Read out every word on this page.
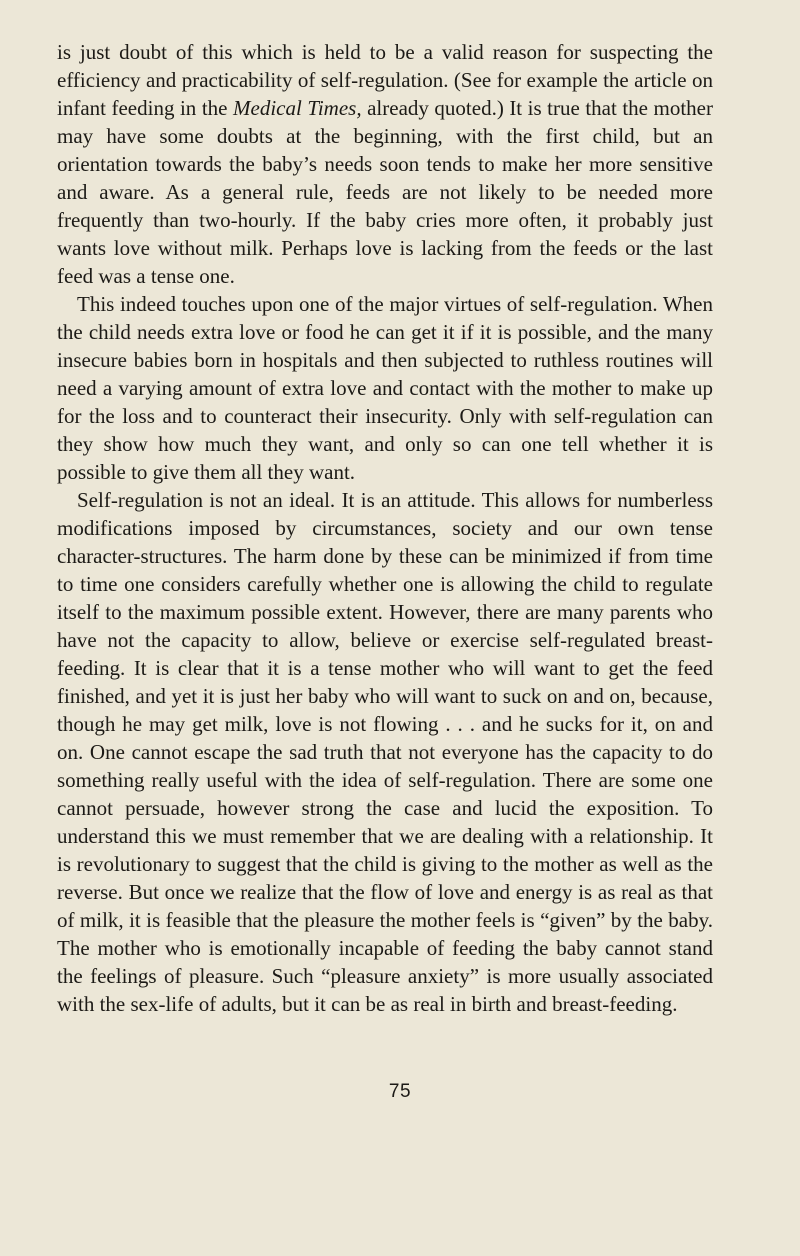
is just doubt of this which is held to be a valid reason for suspecting the efficiency and practicability of self-regulation. (See for example the article on infant feeding in the Medical Times, already quoted.) It is true that the mother may have some doubts at the beginning, with the first child, but an orientation towards the baby’s needs soon tends to make her more sensitive and aware. As a general rule, feeds are not likely to be needed more frequently than two-hourly. If the baby cries more often, it probably just wants love without milk. Perhaps love is lacking from the feeds or the last feed was a tense one.

This indeed touches upon one of the major virtues of self-regulation. When the child needs extra love or food he can get it if it is possible, and the many insecure babies born in hospitals and then subjected to ruthless routines will need a varying amount of extra love and contact with the mother to make up for the loss and to counteract their insecurity. Only with self-regulation can they show how much they want, and only so can one tell whether it is possible to give them all they want.

Self-regulation is not an ideal. It is an attitude. This allows for numberless modifications imposed by circumstances, society and our own tense character-structures. The harm done by these can be minimized if from time to time one considers carefully whether one is allowing the child to regulate itself to the maximum possible extent. However, there are many parents who have not the capacity to allow, believe or exercise self-regulated breast-feeding. It is clear that it is a tense mother who will want to get the feed finished, and yet it is just her baby who will want to suck on and on, because, though he may get milk, love is not flowing . . . and he sucks for it, on and on. One cannot escape the sad truth that not everyone has the capacity to do something really useful with the idea of self-regulation. There are some one cannot persuade, however strong the case and lucid the exposition. To understand this we must remember that we are dealing with a relationship. It is revolutionary to suggest that the child is giving to the mother as well as the reverse. But once we realize that the flow of love and energy is as real as that of milk, it is feasible that the pleasure the mother feels is “given” by the baby. The mother who is emotionally incapable of feeding the baby cannot stand the feelings of pleasure. Such “pleasure anxiety” is more usually associated with the sex-life of adults, but it can be as real in birth and breast-feeding.

75
